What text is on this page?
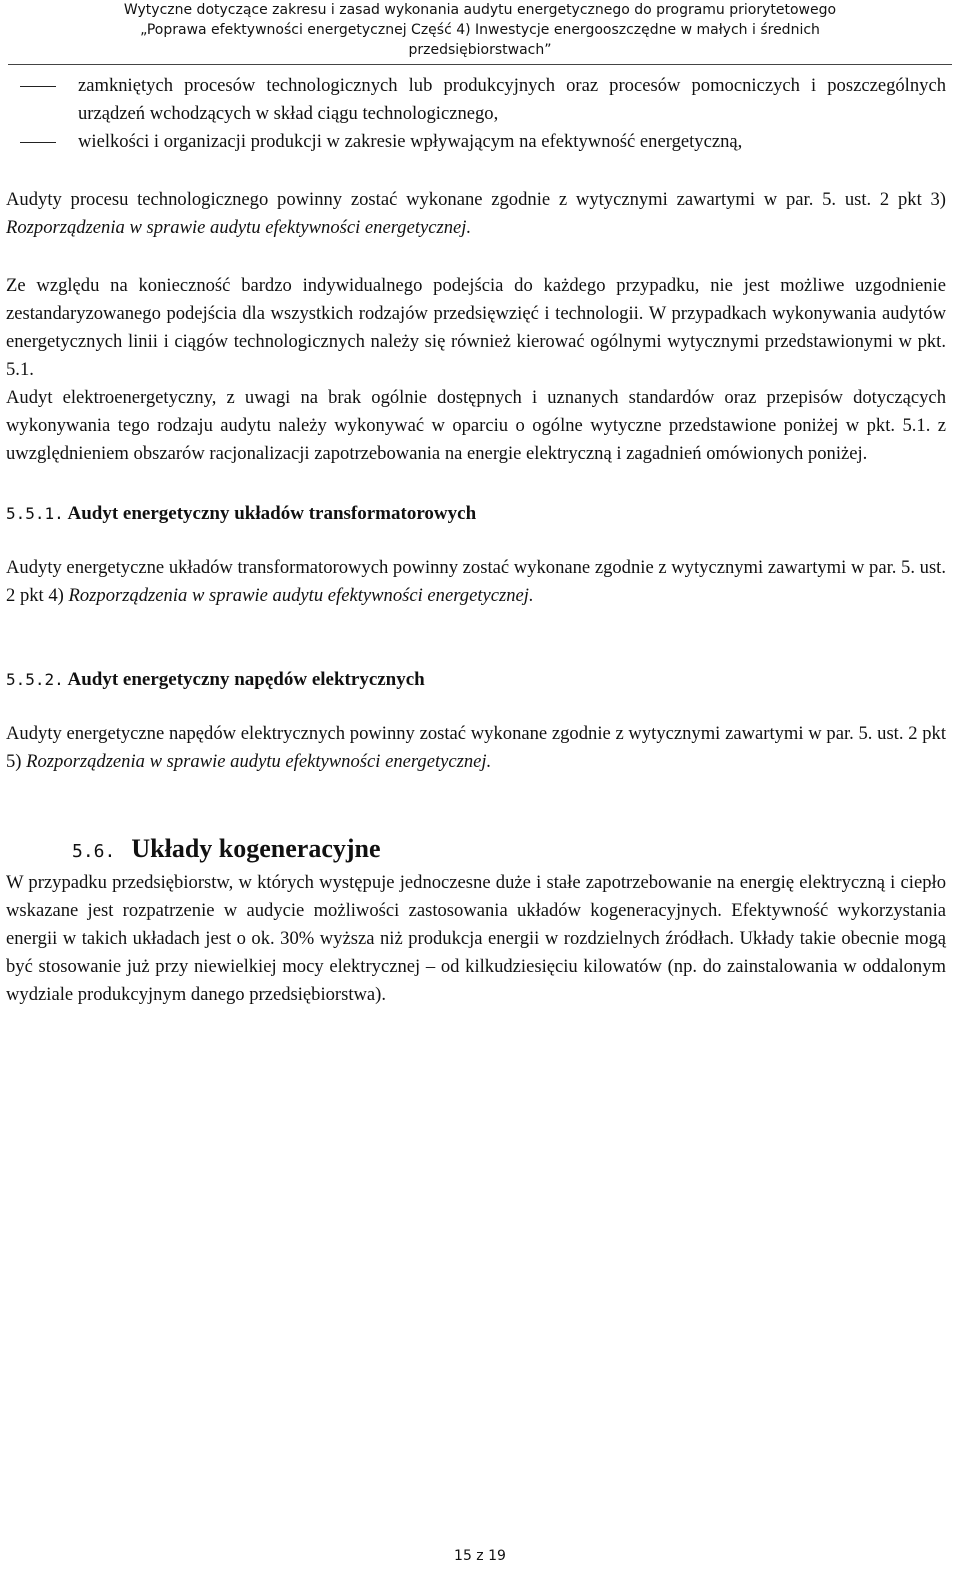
Wytyczne dotyczące zakresu i zasad wykonania audytu energetycznego do programu priorytetowego
„Poprawa efektywności energetycznej Część 4) Inwestycje energooszczędne w małych i średnich
przedsiębiorstwach”

zamkniętych procesów technologicznych lub produkcyjnych oraz procesów pomocniczych i poszczególnych urządzeń wchodzących w skład ciągu technologicznego,

wielkości i organizacji produkcji w zakresie wpływającym na efektywność energetyczną,

Audyty procesu technologicznego powinny zostać wykonane zgodnie z wytycznymi zawartymi w par. 5. ust. 2 pkt 3) Rozporządzenia w sprawie audytu efektywności energetycznej.

Ze względu na konieczność bardzo indywidualnego podejścia do każdego przypadku, nie jest możliwe uzgodnienie zestandaryzowanego podejścia dla wszystkich rodzajów przedsięwzięć i technologii. W przypadkach wykonywania audytów energetycznych linii i ciągów technologicznych należy się również kierować ogólnymi wytycznymi przedstawionymi w pkt. 5.1.

Audyt elektroenergetyczny, z uwagi na brak ogólnie dostępnych i uznanych standardów oraz przepisów dotyczących wykonywania tego rodzaju audytu należy wykonywać w oparciu o ogólne wytyczne przedstawione poniżej w pkt. 5.1. z uwzględnieniem obszarów racjonalizacji zapotrzebowania na energie elektryczną i zagadnień omówionych poniżej.

5.5.1. Audyt energetyczny układów transformatorowych

Audyty energetyczne układów transformatorowych powinny zostać wykonane zgodnie z wytycznymi zawartymi w par. 5. ust. 2 pkt 4) Rozporządzenia w sprawie audytu efektywności energetycznej.

5.5.2. Audyt energetyczny napędów elektrycznych

Audyty energetyczne napędów elektrycznych powinny zostać wykonane zgodnie z wytycznymi zawartymi w par. 5. ust. 2 pkt 5) Rozporządzenia w sprawie audytu efektywności energetycznej.

5.6. Układy kogeneracyjne

W przypadku przedsiębiorstw, w których występuje jednoczesne duże i stałe zapotrzebowanie na energię elektryczną i ciepło wskazane jest rozpatrzenie w audycie możliwości zastosowania układów kogeneracyjnych. Efektywność wykorzystania energii w takich układach jest o ok. 30% wyższa niż produkcja energii w rozdzielnych źródłach. Układy takie obecnie mogą być stosowanie już przy niewielkiej mocy elektrycznej – od kilkudziesięciu kilowatów (np. do zainstalowania w oddalonym wydziale produkcyjnym danego przedsiębiorstwa).

15 z 19
